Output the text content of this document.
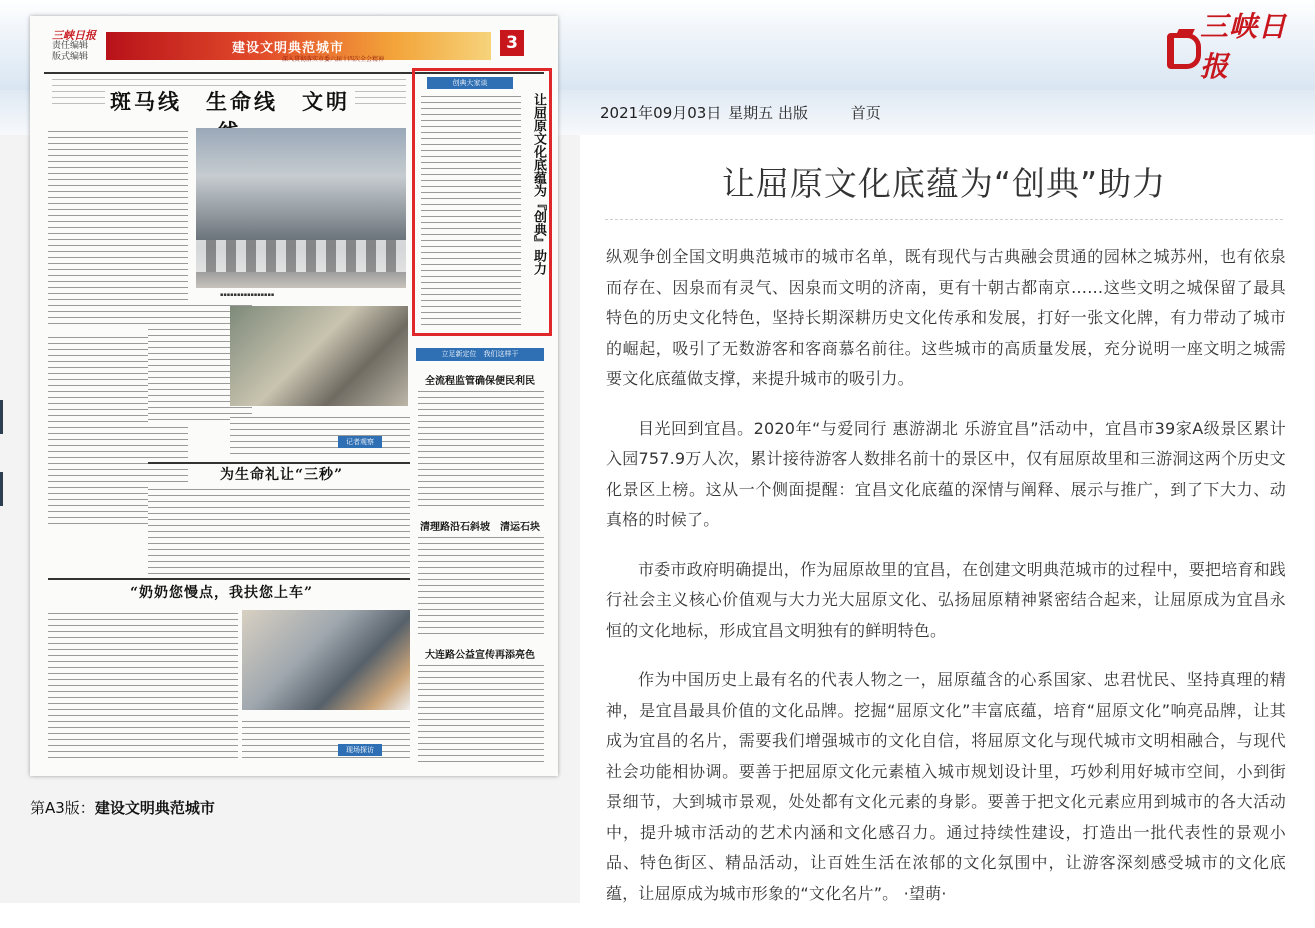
三峡日报
三峡日报
责任编辑
版式编辑
建设文明典范城市
深入贯彻落实市委六届十四次全会精神
3
斑马线　生命线　文明
▪▪▪▪▪▪▪▪▪▪▪▪▪▪▪▪
记者观察
创典大家谈
让屈原文化底蕴为『创典』助力
立足新定位　我们这样干
全流程监管确保便民利民
清理路沿石斜坡　清运石块
大连路公益宣传再添亮色
为生命礼让“三秒”
“奶奶您慢点，我扶您上车”
现场探访
第A3版：建设文明典范城市
2021年09月03日 星期五 出版	首页
让屈原文化底蕴为“创典”助力

纵观争创全国文明典范城市的城市名单，既有现代与古典融会贯通的园林之城苏州，也有依泉而存在、因泉而有灵气、因泉而文明的济南，更有十朝古都南京……这些文明之城保留了最具特色的历史文化特色，坚持长期深耕历史文化传承和发展，打好一张文化牌，有力带动了城市的崛起，吸引了无数游客和客商慕名前往。这些城市的高质量发展，充分说明一座文明之城需要文化底蕴做支撑，来提升城市的吸引力。

目光回到宜昌。2020年“与爱同行 惠游湖北 乐游宜昌”活动中，宜昌市39家A级景区累计入园757.9万人次，累计接待游客人数排名前十的景区中，仅有屈原故里和三游洞这两个历史文化景区上榜。这从一个侧面提醒：宜昌文化底蕴的深情与阐释、展示与推广，到了下大力、动真格的时候了。

市委市政府明确提出，作为屈原故里的宜昌，在创建文明典范城市的过程中，要把培育和践行社会主义核心价值观与大力光大屈原文化、弘扬屈原精神紧密结合起来，让屈原成为宜昌永恒的文化地标，形成宜昌文明独有的鲜明特色。

作为中国历史上最有名的代表人物之一，屈原蕴含的心系国家、忠君忧民、坚持真理的精神，是宜昌最具价值的文化品牌。挖掘“屈原文化”丰富底蕴，培育“屈原文化”响亮品牌，让其成为宜昌的名片，需要我们增强城市的文化自信，将屈原文化与现代城市文明相融合，与现代社会功能相协调。要善于把屈原文化元素植入城市规划设计里，巧妙利用好城市空间，小到街景细节，大到城市景观，处处都有文化元素的身影。要善于把文化元素应用到城市的各大活动中，提升城市活动的艺术内涵和文化感召力。通过持续性建设，打造出一批代表性的景观小品、特色街区、精品活动，让百姓生活在浓郁的文化氛围中，让游客深刻感受城市的文化底蕴，让屈原成为城市形象的“文化名片”。 ·望萌·
